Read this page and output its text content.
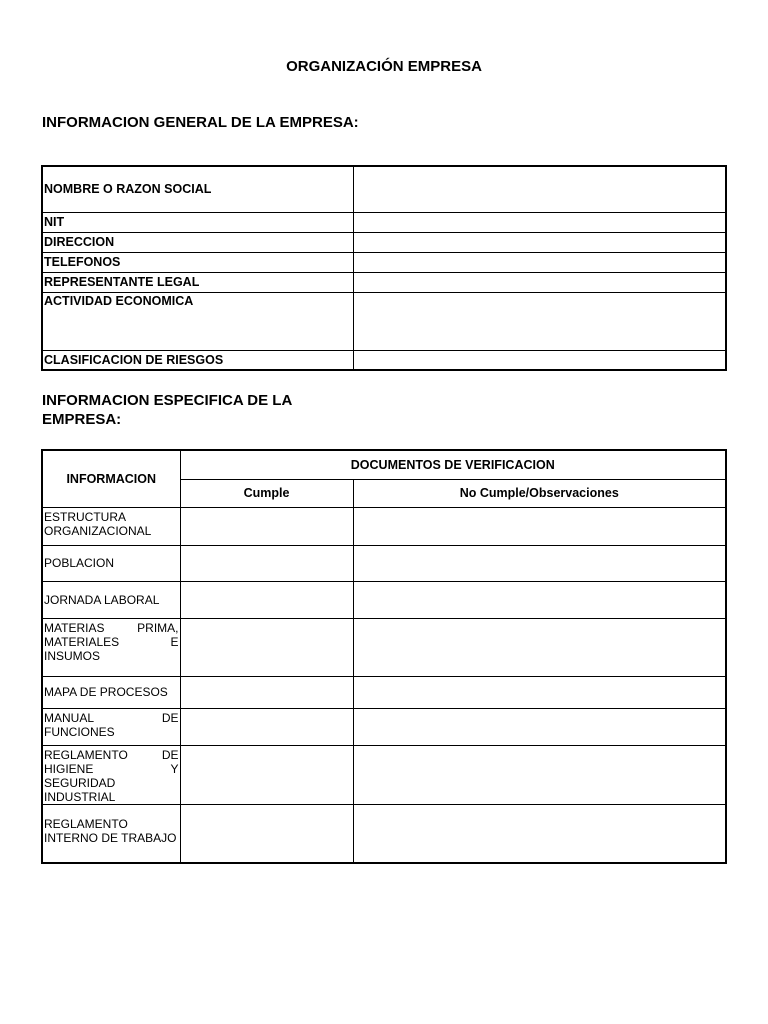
ORGANIZACIÓN EMPRESA
INFORMACION GENERAL DE LA EMPRESA:
NOMBRE O RAZON SOCIAL	
NIT	
DIRECCION	
TELEFONOS	
REPRESENTANTE LEGAL	
ACTIVIDAD ECONOMICA	
CLASIFICACION DE RIESGOS	
INFORMACION ESPECIFICA DE LA EMPRESA:
INFORMACION	DOCUMENTOS DE VERIFICACION	
	Cumple	No Cumple/Observaciones
ESTRUCTURA ORGANIZACIONAL		
POBLACION		
JORNADA LABORAL		
MATERIAS PRIMA, MATERIALES E INSUMOS		
MAPA DE PROCESOS		
MANUAL DE FUNCIONES		
REGLAMENTO DE HIGIENE Y SEGURIDAD INDUSTRIAL		
REGLAMENTO INTERNO DE TRABAJO		
